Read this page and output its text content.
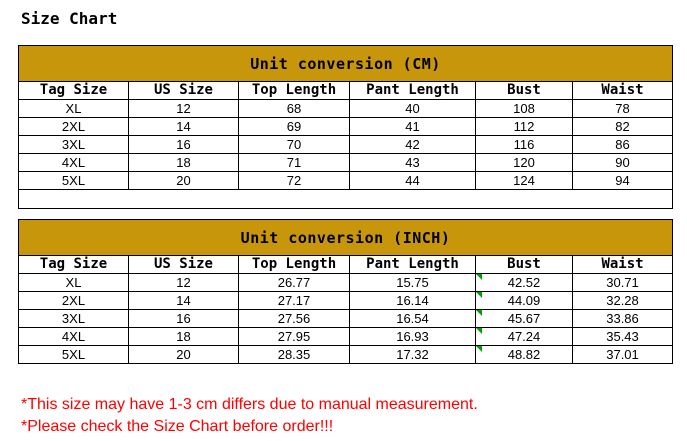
Size Chart
Unit conversion (CM)					
Tag Size	US Size	Top Length	Pant Length	Bust	Waist
XL	12	68	40	108	78
2XL	14	69	41	112	82
3XL	16	70	42	116	86
4XL	18	71	43	120	90
5XL	20	72	44	124	94

Unit conversion (INCH)					
Tag Size	US Size	Top Length	Pant Length	Bust	Waist
XL	12	26.77	15.75	42.52	30.71
2XL	14	27.17	16.14	44.09	32.28
3XL	16	27.56	16.54	45.67	33.86
4XL	18	27.95	16.93	47.24	35.43
5XL	20	28.35	17.32	48.82	37.01
*This size may have 1-3 cm differs due to manual measurement.
*Please check the Size Chart before order!!!
